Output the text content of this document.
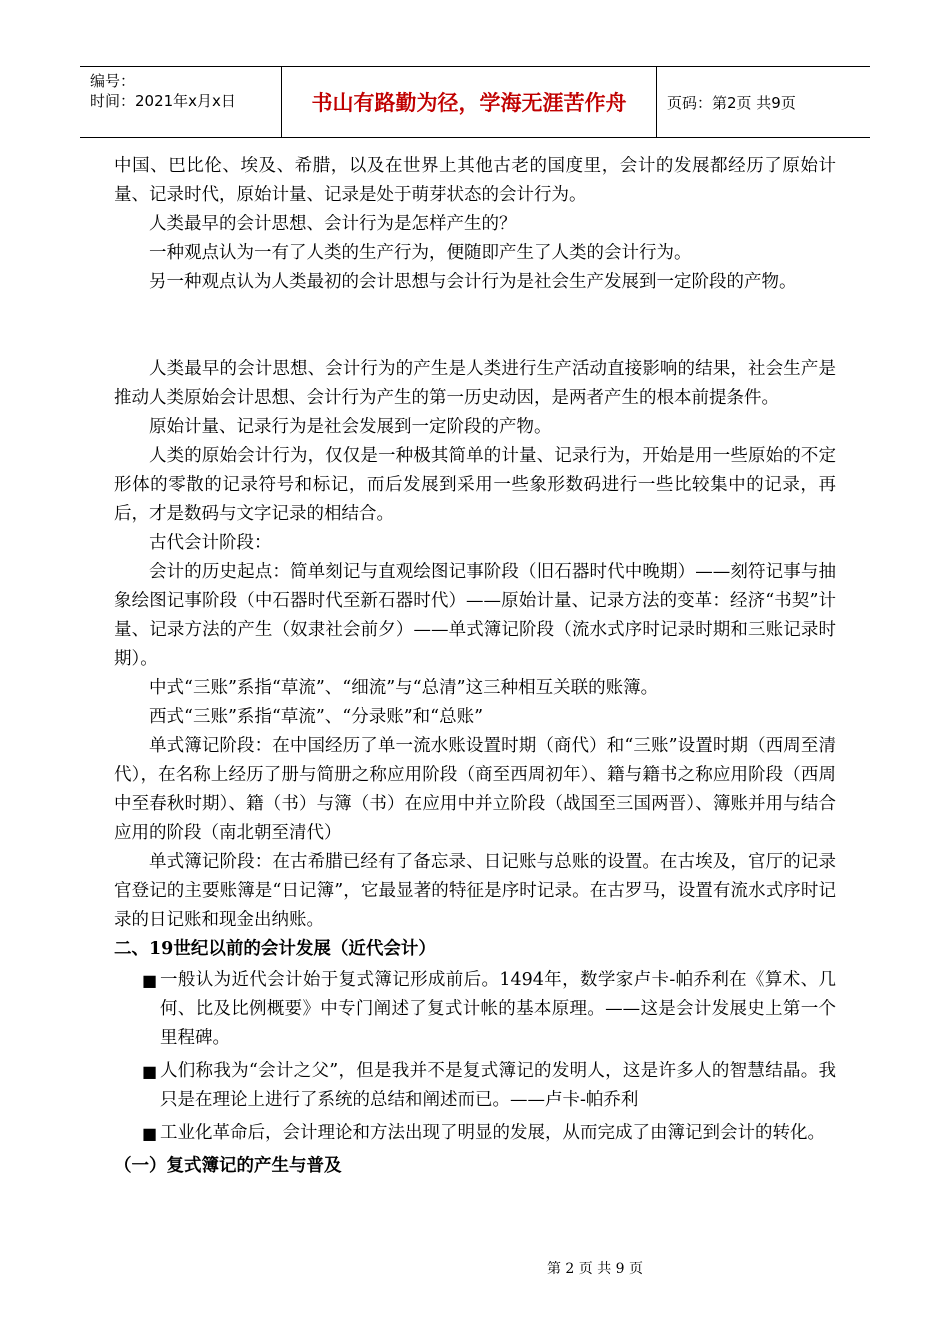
编号：
时间：2021年x月x日	书山有路勤为径，学海无涯苦作舟	页码：第2页 共9页

中国、巴比伦、埃及、希腊，以及在世界上其他古老的国度里，会计的发展都经历了原始计量、记录时代，原始计量、记录是处于萌芽状态的会计行为。

人类最早的会计思想、会计行为是怎样产生的？

一种观点认为一有了人类的生产行为，便随即产生了人类的会计行为。

另一种观点认为人类最初的会计思想与会计行为是社会生产发展到一定阶段的产物。

人类最早的会计思想、会计行为的产生是人类进行生产活动直接影响的结果，社会生产是推动人类原始会计思想、会计行为产生的第一历史动因，是两者产生的根本前提条件。

原始计量、记录行为是社会发展到一定阶段的产物。

人类的原始会计行为，仅仅是一种极其简单的计量、记录行为，开始是用一些原始的不定形体的零散的记录符号和标记，而后发展到采用一些象形数码进行一些比较集中的记录，再后，才是数码与文字记录的相结合。

古代会计阶段：

会计的历史起点：简单刻记与直观绘图记事阶段（旧石器时代中晚期）——刻符记事与抽象绘图记事阶段（中石器时代至新石器时代）——原始计量、记录方法的变革：经济“书契”计量、记录方法的产生（奴隶社会前夕）——单式簿记阶段（流水式序时记录时期和三账记录时期）。

中式“三账”系指“草流”、“细流”与“总清”这三种相互关联的账簿。

西式“三账”系指“草流”、“分录账”和“总账”

单式簿记阶段：在中国经历了单一流水账设置时期（商代）和“三账”设置时期（西周至清代），在名称上经历了册与简册之称应用阶段（商至西周初年）、籍与籍书之称应用阶段（西周中至春秋时期）、籍（书）与簿（书）在应用中并立阶段（战国至三国两晋）、簿账并用与结合应用的阶段（南北朝至清代）

单式簿记阶段：在古希腊已经有了备忘录、日记账与总账的设置。在古埃及，官厅的记录官登记的主要账簿是“日记簿”，它最显著的特征是序时记录。在古罗马，设置有流水式序时记录的日记账和现金出纳账。

二、19世纪以前的会计发展（近代会计）

■ 一般认为近代会计始于复式簿记形成前后。1494年，数学家卢卡-帕乔利在《算术、几何、比及比例概要》中专门阐述了复式计帐的基本原理。——这是会计发展史上第一个里程碑。
■ 人们称我为“会计之父”，但是我并不是复式簿记的发明人，这是许多人的智慧结晶。我只是在理论上进行了系统的总结和阐述而已。——卢卡-帕乔利
■ 工业化革命后，会计理论和方法出现了明显的发展，从而完成了由簿记到会计的转化。

（一）复式簿记的产生与普及

第 2 页 共 9 页
